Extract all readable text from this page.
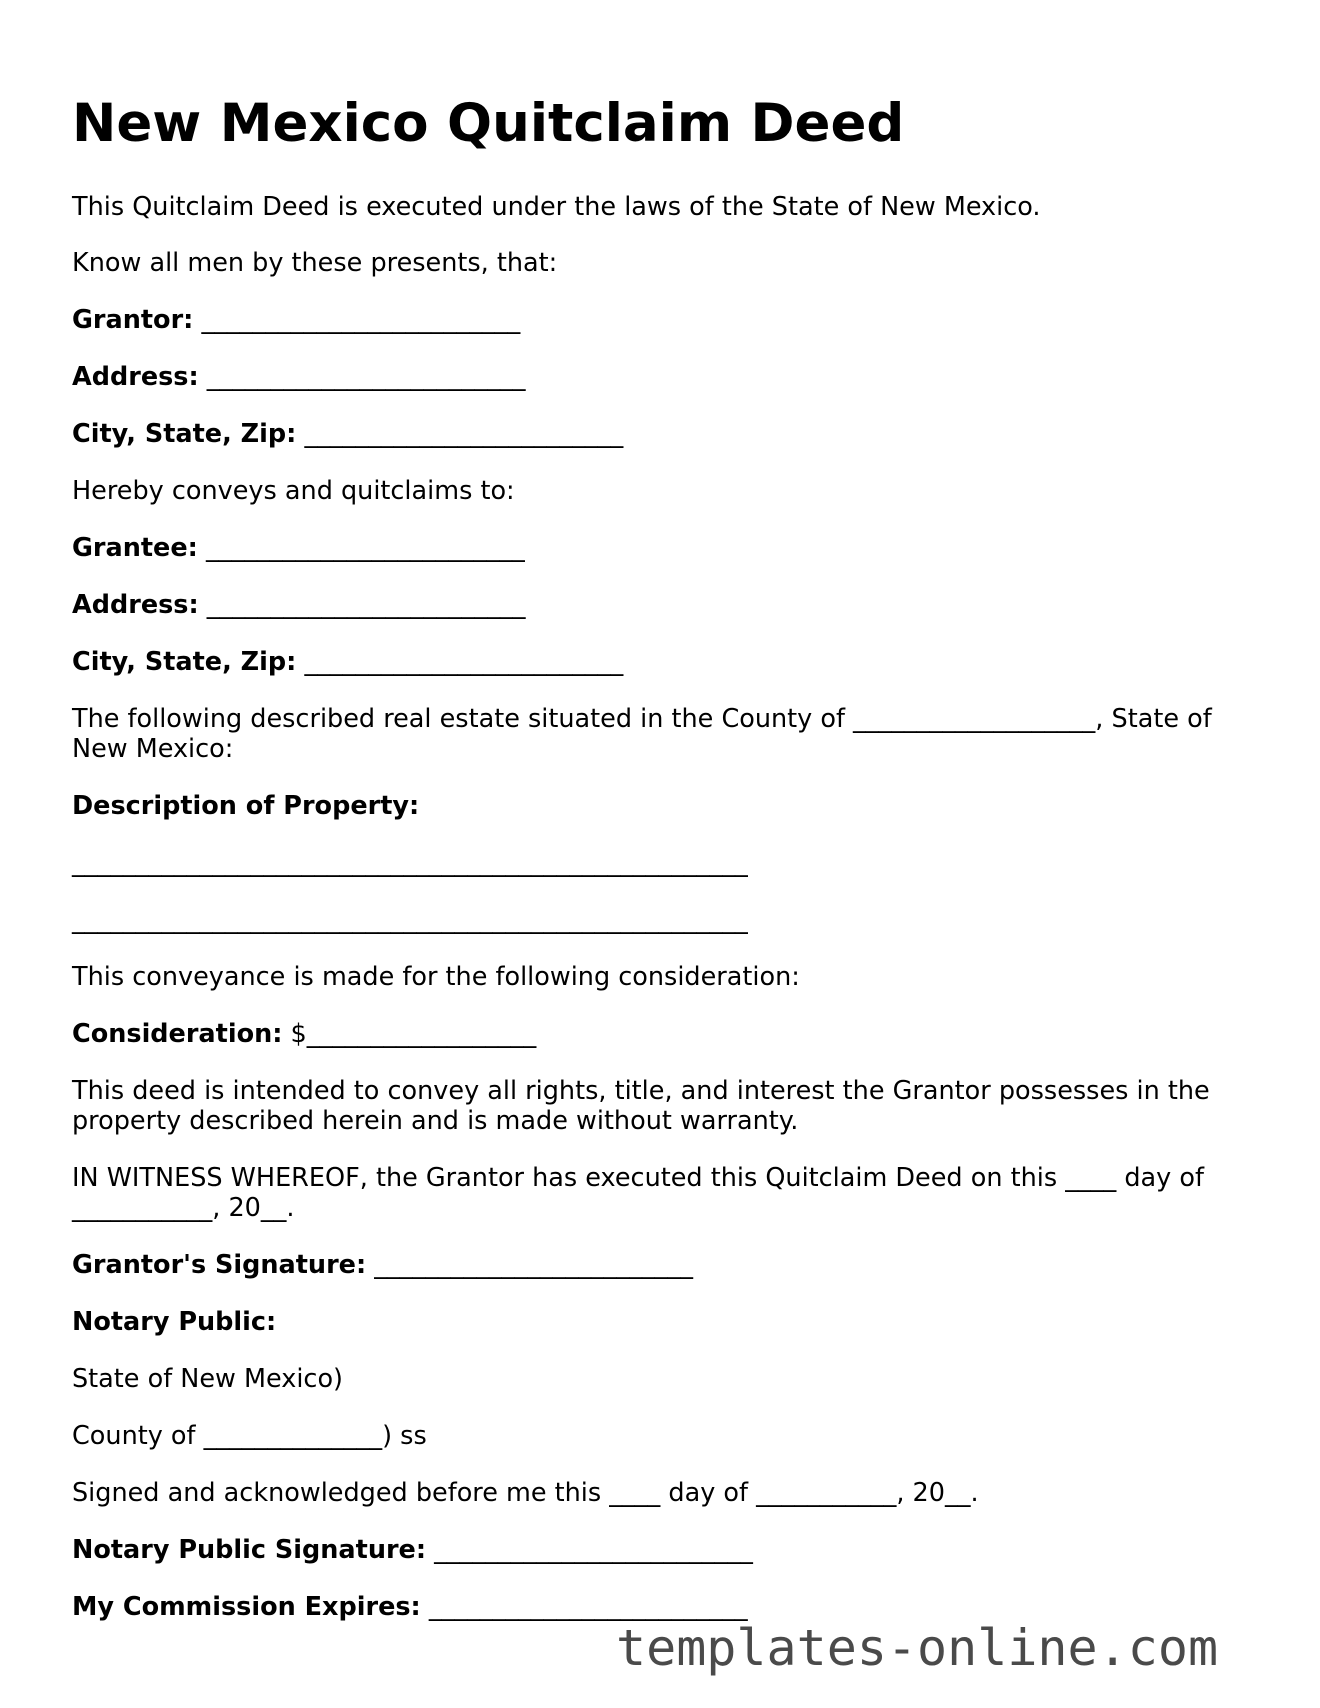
New Mexico Quitclaim Deed

This Quitclaim Deed is executed under the laws of the State of New Mexico.

Know all men by these presents, that:

Grantor: _________________________

Address: _________________________

City, State, Zip: _________________________

Hereby conveys and quitclaims to:

Grantee: _________________________

Address: _________________________

City, State, Zip: _________________________

The following described real estate situated in the County of ___________________, State of New Mexico:

Description of Property:

_____________________________________________________

_____________________________________________________

This conveyance is made for the following consideration:

Consideration: $__________________

This deed is intended to convey all rights, title, and interest the Grantor possesses in the property described herein and is made without warranty.

IN WITNESS WHEREOF, the Grantor has executed this Quitclaim Deed on this ____ day of ___________, 20__.

Grantor's Signature: _________________________

Notary Public:

State of New Mexico)

County of ______________) ss

Signed and acknowledged before me this ____ day of ___________, 20__.

Notary Public Signature: _________________________

My Commission Expires: _________________________

templates-online.com
